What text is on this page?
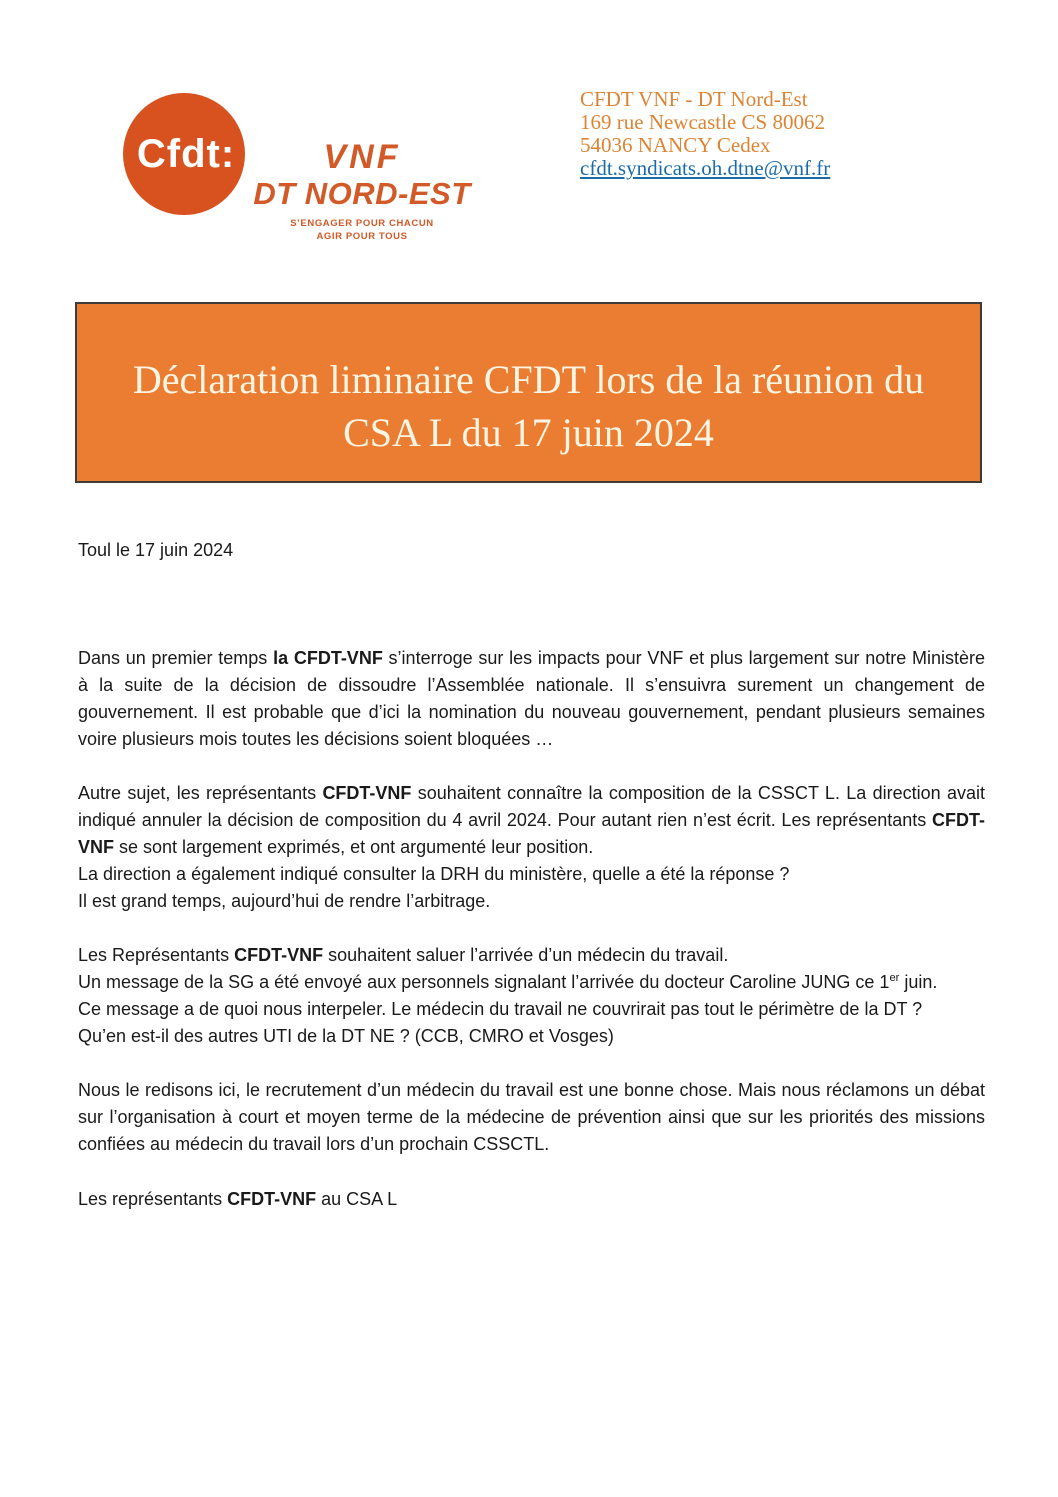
Cfdt:	VNF
DT NORD-EST
S’ENGAGER POUR CHACUN
AGIR POUR TOUS
CFDT VNF - DT Nord-Est
169 rue Newcastle CS 80062
54036 NANCY Cedex
cfdt.syndicats.oh.dtne@vnf.fr
Déclaration liminaire CFDT lors de la réunion du
CSA L du 17 juin 2024

Toul le 17 juin 2024

Dans un premier temps la CFDT-VNF s’interroge sur les impacts pour VNF et plus largement sur notre Ministère à la suite de la décision de dissoudre l’Assemblée nationale. Il s’ensuivra surement un changement de gouvernement. Il est probable que d’ici la nomination du nouveau gouvernement, pendant plusieurs semaines voire plusieurs mois toutes les décisions soient bloquées …

Autre sujet, les représentants CFDT-VNF souhaitent connaître la composition de la CSSCT L. La direction avait indiqué annuler la décision de composition du 4 avril 2024. Pour autant rien n’est écrit. Les représentants CFDT-VNF se sont largement exprimés, et ont argumenté leur position.
La direction a également indiqué consulter la DRH du ministère, quelle a été la réponse ?
Il est grand temps, aujourd’hui de rendre l’arbitrage.

Les Représentants CFDT-VNF souhaitent saluer l’arrivée d’un médecin du travail.
Un message de la SG a été envoyé aux personnels signalant l’arrivée du docteur Caroline JUNG ce 1er juin.
Ce message a de quoi nous interpeler. Le médecin du travail ne couvrirait pas tout le périmètre de la DT ?
Qu’en est-il des autres UTI de la DT NE ? (CCB, CMRO et Vosges)

Nous le redisons ici, le recrutement d’un médecin du travail est une bonne chose. Mais nous réclamons un débat sur l’organisation à court et moyen terme de la médecine de prévention ainsi que sur les priorités des missions confiées au médecin du travail lors d’un prochain CSSCTL.

Les représentants CFDT-VNF au CSA L
